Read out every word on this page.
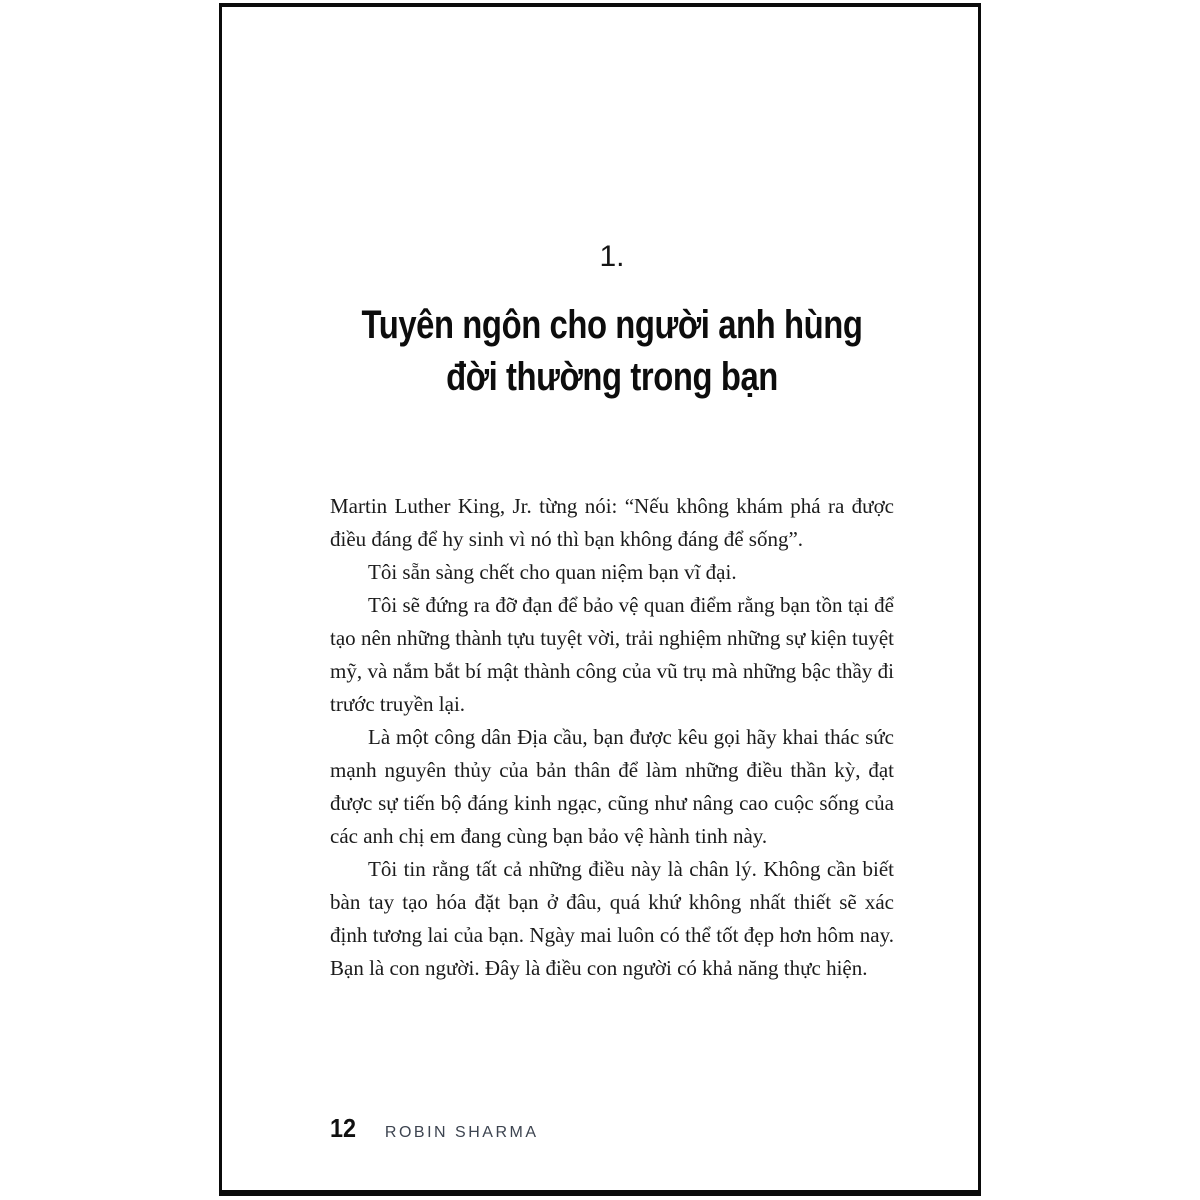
1.
Tuyên ngôn cho người anh hùng
đời thường trong bạn

Martin Luther King, Jr. từng nói: “Nếu không khám phá ra được điều đáng để hy sinh vì nó thì bạn không đáng để sống”.

Tôi sẵn sàng chết cho quan niệm bạn vĩ đại.

Tôi sẽ đứng ra đỡ đạn để bảo vệ quan điểm rằng bạn tồn tại để tạo nên những thành tựu tuyệt vời, trải nghiệm những sự kiện tuyệt mỹ, và nắm bắt bí mật thành công của vũ trụ mà những bậc thầy đi trước truyền lại.

Là một công dân Địa cầu, bạn được kêu gọi hãy khai thác sức mạnh nguyên thủy của bản thân để làm những điều thần kỳ, đạt được sự tiến bộ đáng kinh ngạc, cũng như nâng cao cuộc sống của các anh chị em đang cùng bạn bảo vệ hành tinh này.

Tôi tin rằng tất cả những điều này là chân lý. Không cần biết bàn tay tạo hóa đặt bạn ở đâu, quá khứ không nhất thiết sẽ xác định tương lai của bạn. Ngày mai luôn có thể tốt đẹp hơn hôm nay. Bạn là con người. Đây là điều con người có khả năng thực hiện.

12 ROBIN SHARMA
